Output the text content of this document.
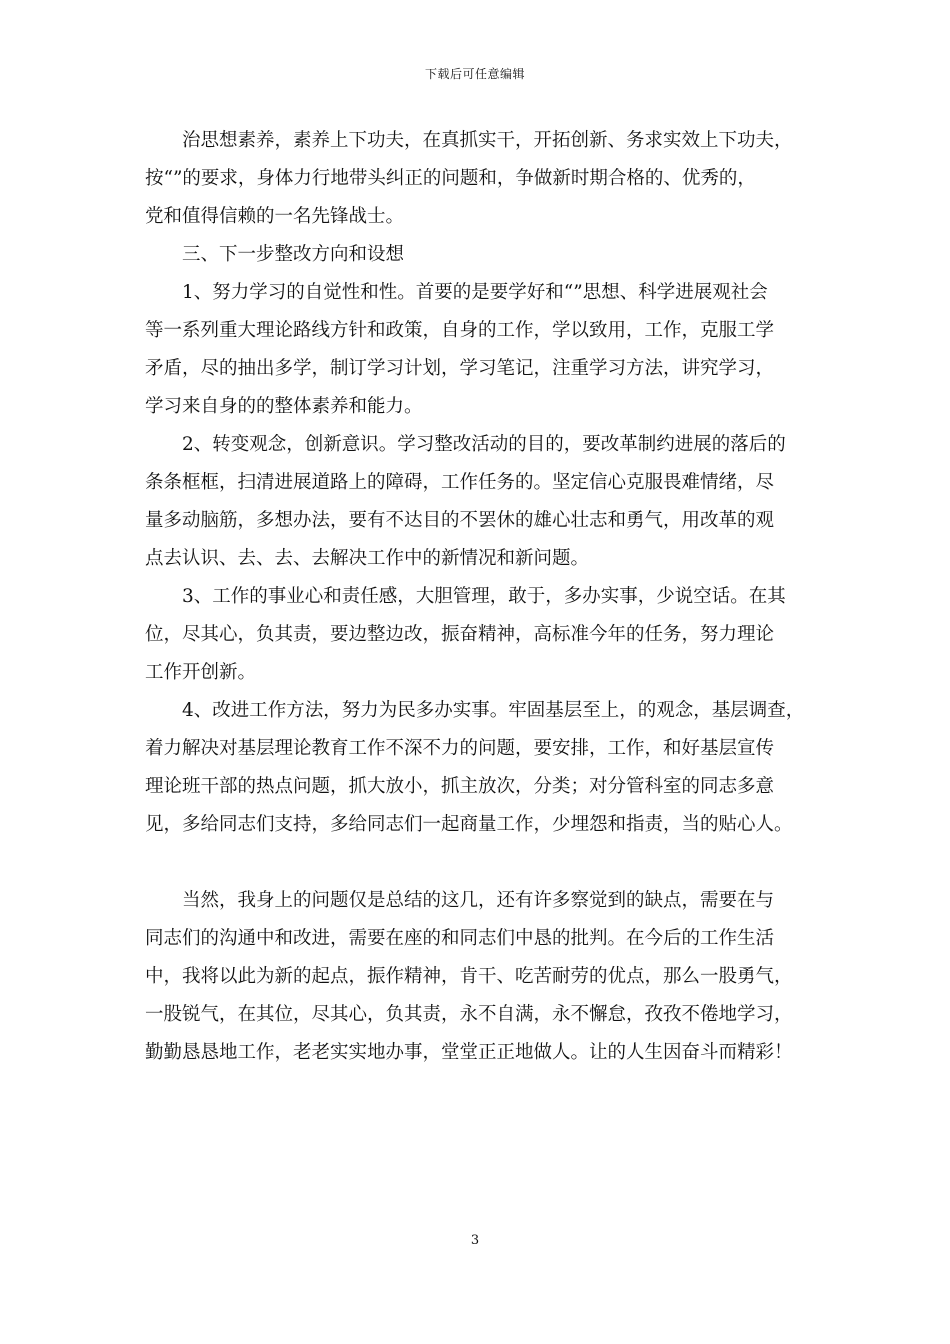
下载后可任意编辑
治思想素养，素养上下功夫，在真抓实干，开拓创新、务求实效上下功夫，
按“”的要求，身体力行地带头纠正的问题和，争做新时期合格的、优秀的，
党和值得信赖的一名先锋战士。
三、下一步整改方向和设想
1、努力学习的自觉性和性。首要的是要学好和“”思想、科学进展观社会
等一系列重大理论路线方针和政策，自身的工作，学以致用，工作，克服工学
矛盾，尽的抽出多学，制订学习计划，学习笔记，注重学习方法，讲究学习，
学习来自身的的整体素养和能力。
2、转变观念，创新意识。学习整改活动的目的，要改革制约进展的落后的
条条框框，扫清进展道路上的障碍，工作任务的。坚定信心克服畏难情绪，尽
量多动脑筋，多想办法，要有不达目的不罢休的雄心壮志和勇气，用改革的观
点去认识、去、去、去解决工作中的新情况和新问题。
3、工作的事业心和责任感，大胆管理，敢于，多办实事，少说空话。在其
位，尽其心，负其责，要边整边改，振奋精神，高标准今年的任务，努力理论
工作开创新。
4、改进工作方法，努力为民多办实事。牢固基层至上，的观念，基层调查，
着力解决对基层理论教育工作不深不力的问题，要安排，工作，和好基层宣传
理论班干部的热点问题，抓大放小，抓主放次，分类；对分管科室的同志多意
见，多给同志们支持，多给同志们一起商量工作，少埋怨和指责，当的贴心人。
当然，我身上的问题仅是总结的这几，还有许多察觉到的缺点，需要在与
同志们的沟通中和改进，需要在座的和同志们中恳的批判。在今后的工作生活
中，我将以此为新的起点，振作精神，肯干、吃苦耐劳的优点，那么一股勇气，
一股锐气，在其位，尽其心，负其责，永不自满，永不懈怠，孜孜不倦地学习，
勤勤恳恳地工作，老老实实地办事，堂堂正正地做人。让的人生因奋斗而精彩！
3
